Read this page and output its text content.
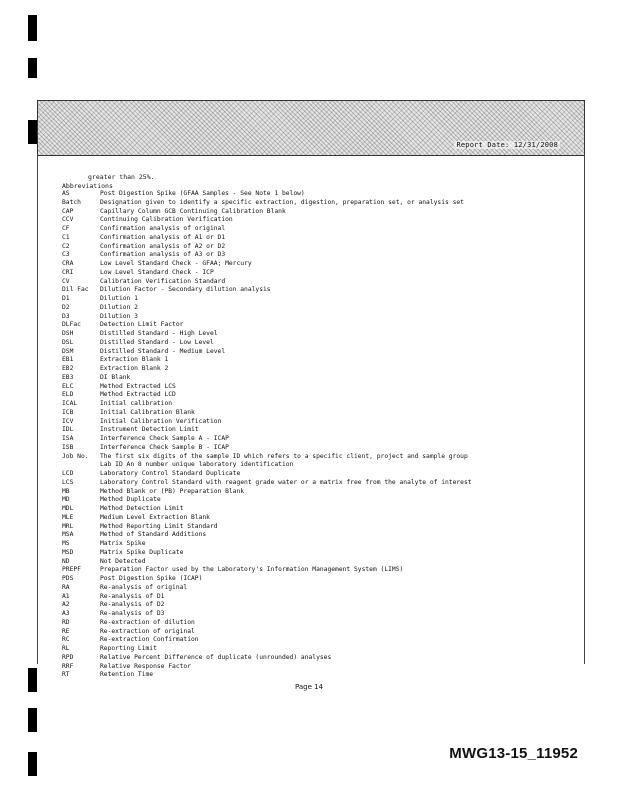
Report Date: 12/31/2008
greater than 25%.
Abbreviations
AS	Post Digestion Spike (GFAA Samples - See Note 1 below)
Batch	Designation given to identify a specific extraction, digestion, preparation set, or analysis set
CAP	Capillary Column GCB Continuing Calibration Blank
CCV	Continuing Calibration Verification
CF	Confirmation analysis of original
C1	Confirmation analysis of A1 or D1
C2	Confirmation analysis of A2 or D2
C3	Confirmation analysis of A3 or D3
CRA	Low Level Standard Check - GFAA; Mercury
CRI	Low Level Standard Check - ICP
CV	Calibration Verification Standard
Dil Fac	Dilution Factor - Secondary dilution analysis
D1	Dilution 1
D2	Dilution 2
D3	Dilution 3
DLFac	Detection Limit Factor
DSH	Distilled Standard - High Level
DSL	Distilled Standard - Low Level
DSM	Distilled Standard - Medium Level
EB1	Extraction Blank 1
EB2	Extraction Blank 2
EB3	DI Blank
ELC	Method Extracted LCS
ELD	Method Extracted LCD
ICAL	Initial calibration
ICB	Initial Calibration Blank
ICV	Initial Calibration Verification
IDL	Instrument Detection Limit
ISA	Interference Check Sample A - ICAP
ISB	Interference Check Sample B - ICAP
Job No.	The first six digits of the sample ID which refers to a specific client, project and sample group
Lab ID An 8 number unique laboratory identification
LCD	Laboratory Control Standard Duplicate
LCS	Laboratory Control Standard with reagent grade water or a matrix free from the analyte of interest
MB	Method Blank or (PB) Preparation Blank
MD	Method Duplicate
MDL	Method Detection Limit
MLE	Medium Level Extraction Blank
MRL	Method Reporting Limit Standard
MSA	Method of Standard Additions
MS	Matrix Spike
MSD	Matrix Spike Duplicate
ND	Not Detected
PREPF	Preparation Factor used by the Laboratory's Information Management System (LIMS)
PDS	Post Digestion Spike (ICAP)
RA	Re-analysis of original
A1	Re-analysis of D1
A2	Re-analysis of D2
A3	Re-analysis of D3
RD	Re-extraction of dilution
RE	Re-extraction of original
RC	Re-extraction Confirmation
RL	Reporting Limit
RPD	Relative Percent Difference of duplicate (unrounded) analyses
RRF	Relative Response Factor
RT	Retention Time
Page 14
MWG13-15_11952
